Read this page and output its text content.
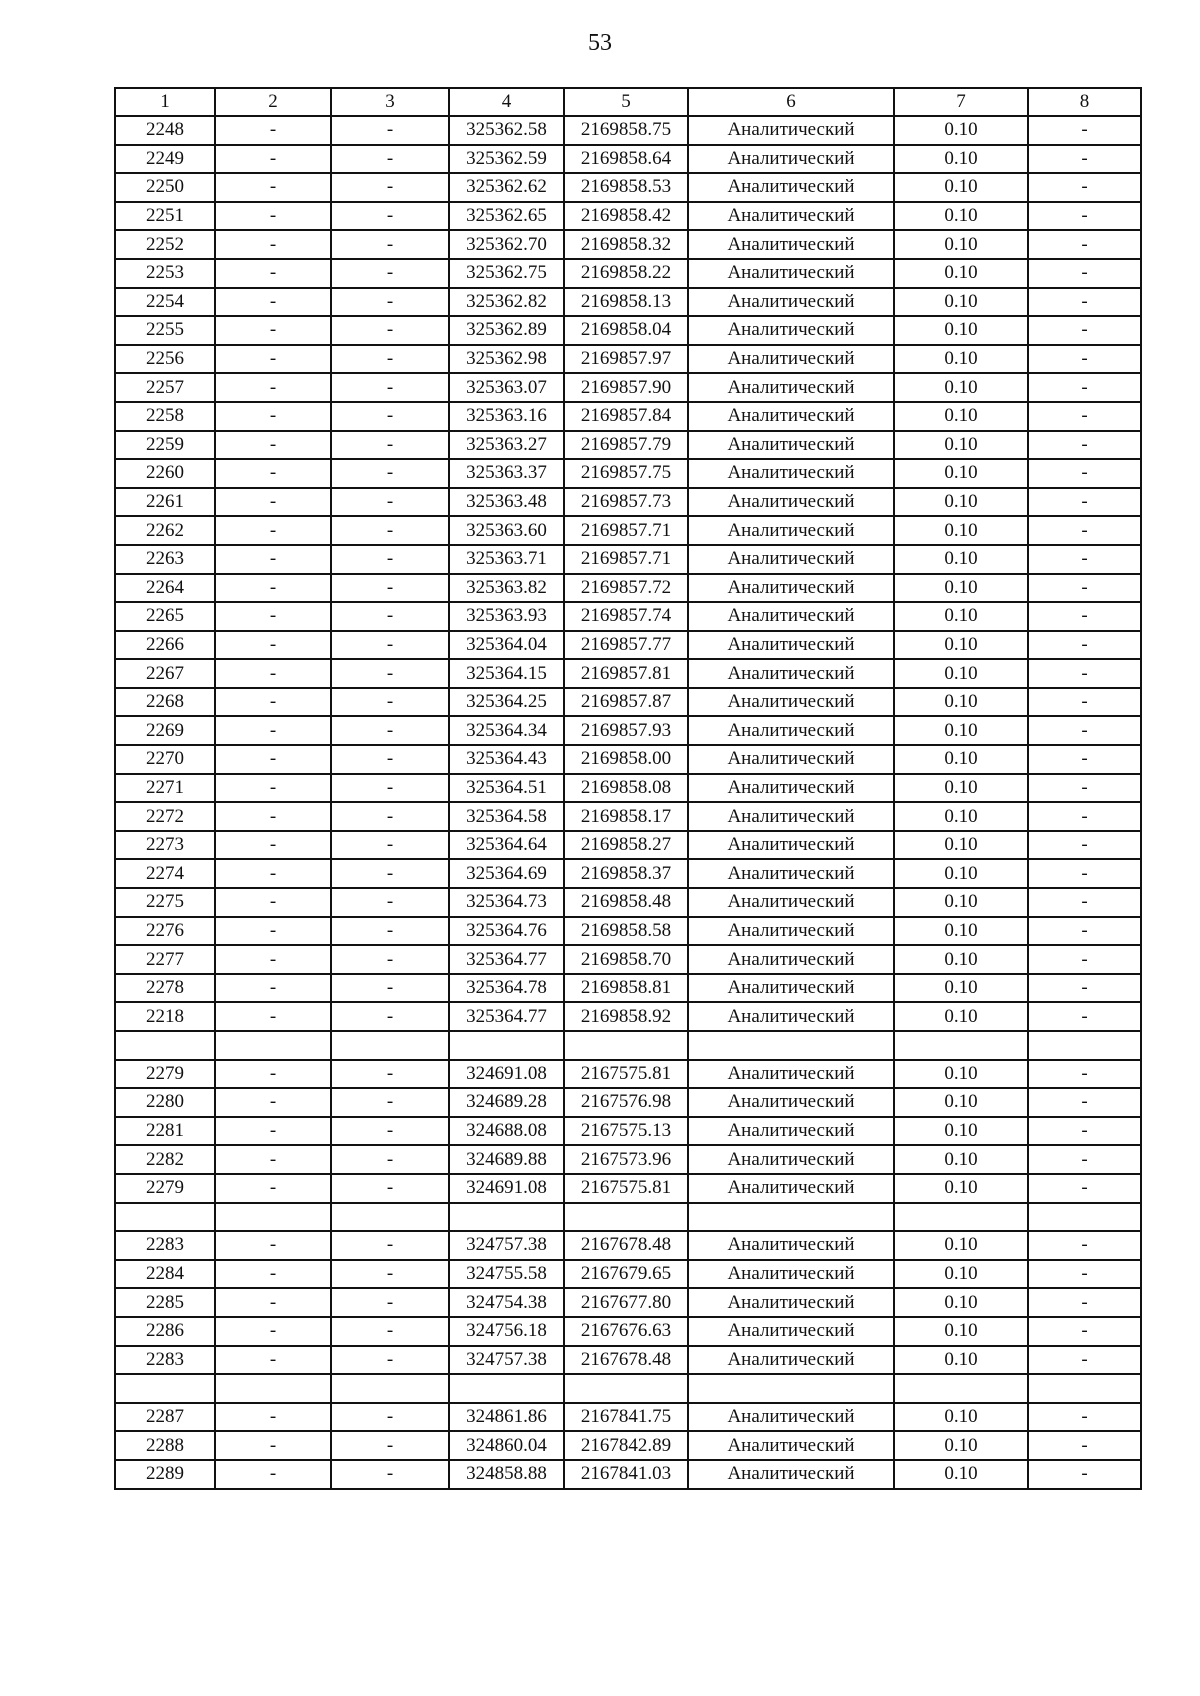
53
1	2	3	4	5	6	7	8
2248	-	-	325362.58	2169858.75	Аналитический	0.10	-
2249	-	-	325362.59	2169858.64	Аналитический	0.10	-
2250	-	-	325362.62	2169858.53	Аналитический	0.10	-
2251	-	-	325362.65	2169858.42	Аналитический	0.10	-
2252	-	-	325362.70	2169858.32	Аналитический	0.10	-
2253	-	-	325362.75	2169858.22	Аналитический	0.10	-
2254	-	-	325362.82	2169858.13	Аналитический	0.10	-
2255	-	-	325362.89	2169858.04	Аналитический	0.10	-
2256	-	-	325362.98	2169857.97	Аналитический	0.10	-
2257	-	-	325363.07	2169857.90	Аналитический	0.10	-
2258	-	-	325363.16	2169857.84	Аналитический	0.10	-
2259	-	-	325363.27	2169857.79	Аналитический	0.10	-
2260	-	-	325363.37	2169857.75	Аналитический	0.10	-
2261	-	-	325363.48	2169857.73	Аналитический	0.10	-
2262	-	-	325363.60	2169857.71	Аналитический	0.10	-
2263	-	-	325363.71	2169857.71	Аналитический	0.10	-
2264	-	-	325363.82	2169857.72	Аналитический	0.10	-
2265	-	-	325363.93	2169857.74	Аналитический	0.10	-
2266	-	-	325364.04	2169857.77	Аналитический	0.10	-
2267	-	-	325364.15	2169857.81	Аналитический	0.10	-
2268	-	-	325364.25	2169857.87	Аналитический	0.10	-
2269	-	-	325364.34	2169857.93	Аналитический	0.10	-
2270	-	-	325364.43	2169858.00	Аналитический	0.10	-
2271	-	-	325364.51	2169858.08	Аналитический	0.10	-
2272	-	-	325364.58	2169858.17	Аналитический	0.10	-
2273	-	-	325364.64	2169858.27	Аналитический	0.10	-
2274	-	-	325364.69	2169858.37	Аналитический	0.10	-
2275	-	-	325364.73	2169858.48	Аналитический	0.10	-
2276	-	-	325364.76	2169858.58	Аналитический	0.10	-
2277	-	-	325364.77	2169858.70	Аналитический	0.10	-
2278	-	-	325364.78	2169858.81	Аналитический	0.10	-
2218	-	-	325364.77	2169858.92	Аналитический	0.10	-

2279	-	-	324691.08	2167575.81	Аналитический	0.10	-
2280	-	-	324689.28	2167576.98	Аналитический	0.10	-
2281	-	-	324688.08	2167575.13	Аналитический	0.10	-
2282	-	-	324689.88	2167573.96	Аналитический	0.10	-
2279	-	-	324691.08	2167575.81	Аналитический	0.10	-

2283	-	-	324757.38	2167678.48	Аналитический	0.10	-
2284	-	-	324755.58	2167679.65	Аналитический	0.10	-
2285	-	-	324754.38	2167677.80	Аналитический	0.10	-
2286	-	-	324756.18	2167676.63	Аналитический	0.10	-
2283	-	-	324757.38	2167678.48	Аналитический	0.10	-

2287	-	-	324861.86	2167841.75	Аналитический	0.10	-
2288	-	-	324860.04	2167842.89	Аналитический	0.10	-
2289	-	-	324858.88	2167841.03	Аналитический	0.10	-
